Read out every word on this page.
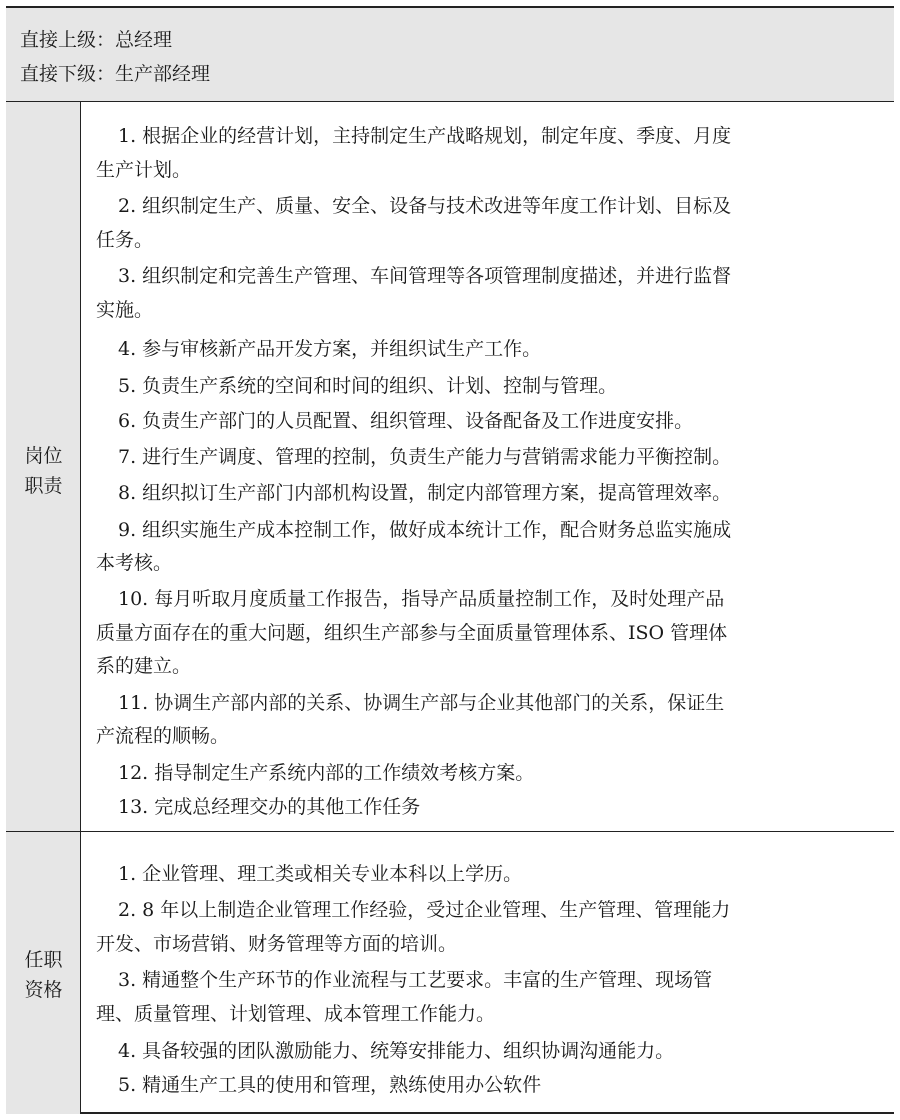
直接上级：总经理
直接下级：生产部经理
岗位
职责
1. 根据企业的经营计划，主持制定生产战略规划，制定年度、季度、月度
生产计划。
2. 组织制定生产、质量、安全、设备与技术改进等年度工作计划、目标及
任务。
3. 组织制定和完善生产管理、车间管理等各项管理制度描述，并进行监督
实施。
4. 参与审核新产品开发方案，并组织试生产工作。
5. 负责生产系统的空间和时间的组织、计划、控制与管理。
6. 负责生产部门的人员配置、组织管理、设备配备及工作进度安排。
7. 进行生产调度、管理的控制，负责生产能力与营销需求能力平衡控制。
8. 组织拟订生产部门内部机构设置，制定内部管理方案，提高管理效率。
9. 组织实施生产成本控制工作，做好成本统计工作，配合财务总监实施成
本考核。
10. 每月听取月度质量工作报告，指导产品质量控制工作，及时处理产品
质量方面存在的重大问题，组织生产部参与全面质量管理体系、ISO 管理体
系的建立。
11. 协调生产部内部的关系、协调生产部与企业其他部门的关系，保证生
产流程的顺畅。
12. 指导制定生产系统内部的工作绩效考核方案。
13. 完成总经理交办的其他工作任务
任职
资格
1. 企业管理、理工类或相关专业本科以上学历。
2. 8 年以上制造企业管理工作经验，受过企业管理、生产管理、管理能力
开发、市场营销、财务管理等方面的培训。
3. 精通整个生产环节的作业流程与工艺要求。丰富的生产管理、现场管
理、质量管理、计划管理、成本管理工作能力。
4. 具备较强的团队激励能力、统筹安排能力、组织协调沟通能力。
5. 精通生产工具的使用和管理，熟练使用办公软件
